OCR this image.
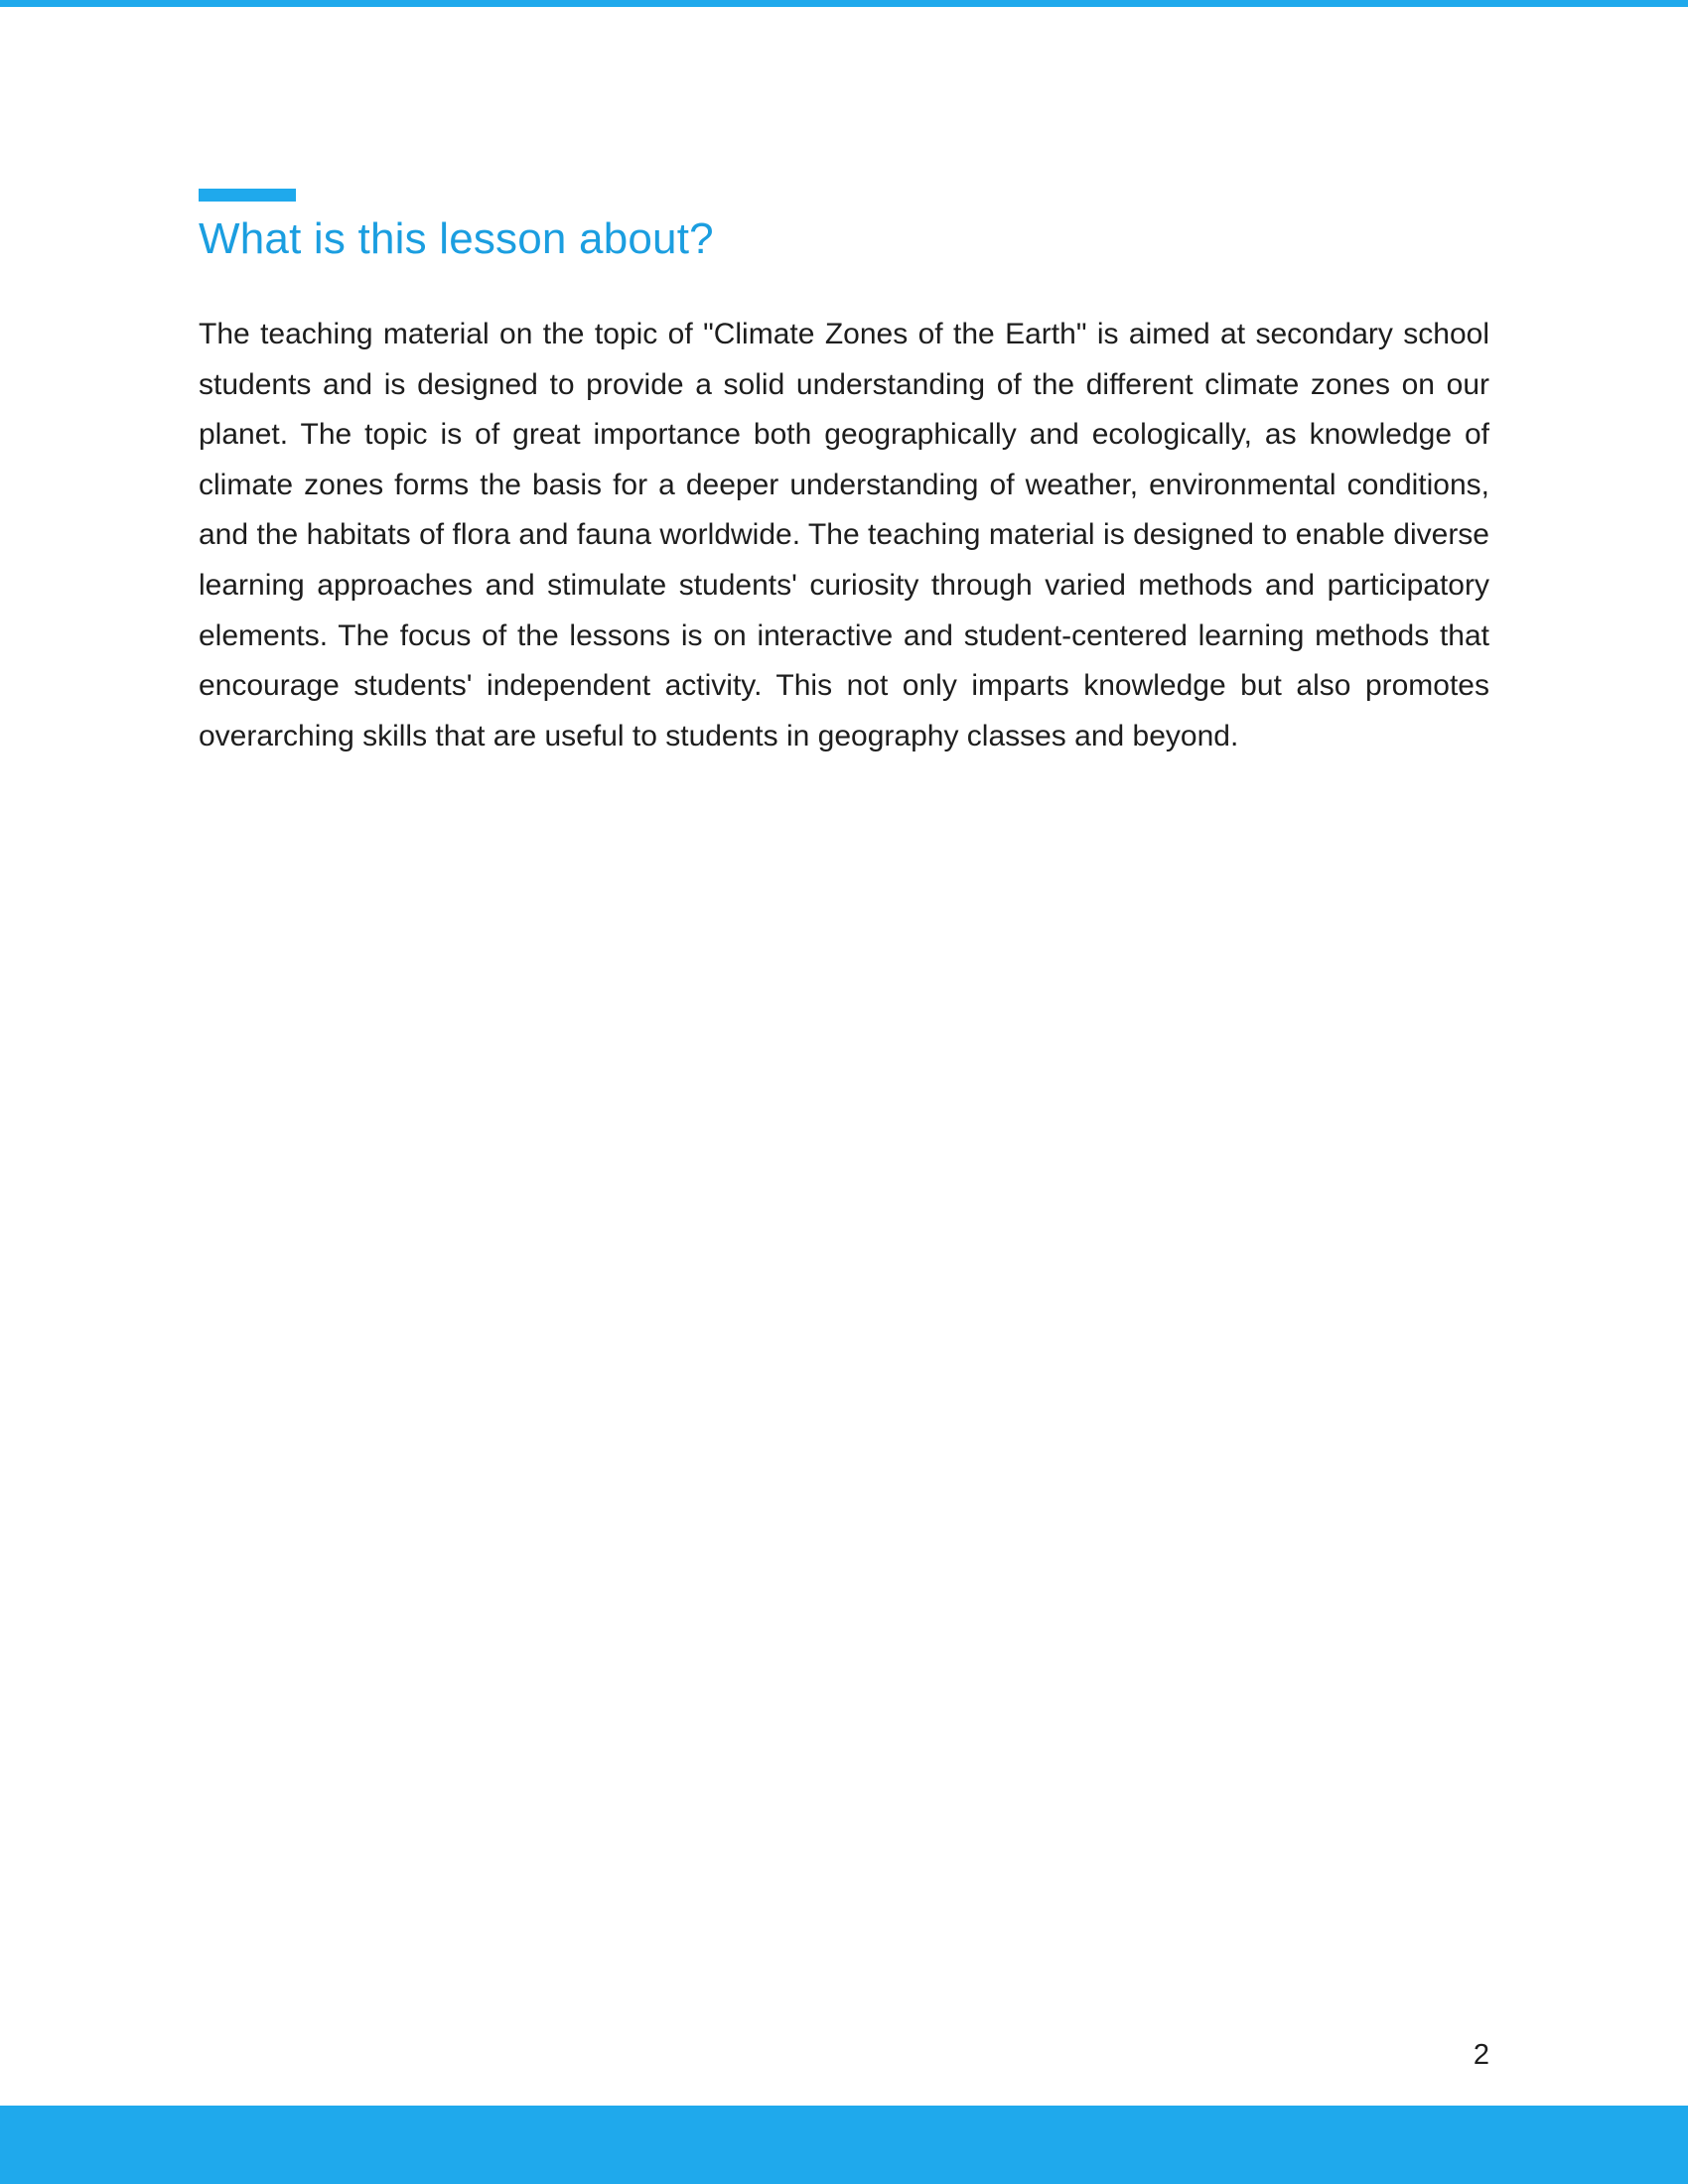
What is this lesson about?

The teaching material on the topic of "Climate Zones of the Earth" is aimed at secondary school students and is designed to provide a solid understanding of the different climate zones on our planet. The topic is of great importance both geographically and ecologically, as knowledge of climate zones forms the basis for a deeper understanding of weather, environmental conditions, and the habitats of flora and fauna worldwide. The teaching material is designed to enable diverse learning approaches and stimulate students' curiosity through varied methods and participatory elements. The focus of the lessons is on interactive and student-centered learning methods that encourage students' independent activity. This not only imparts knowledge but also promotes overarching skills that are useful to students in geography classes and beyond.

2
